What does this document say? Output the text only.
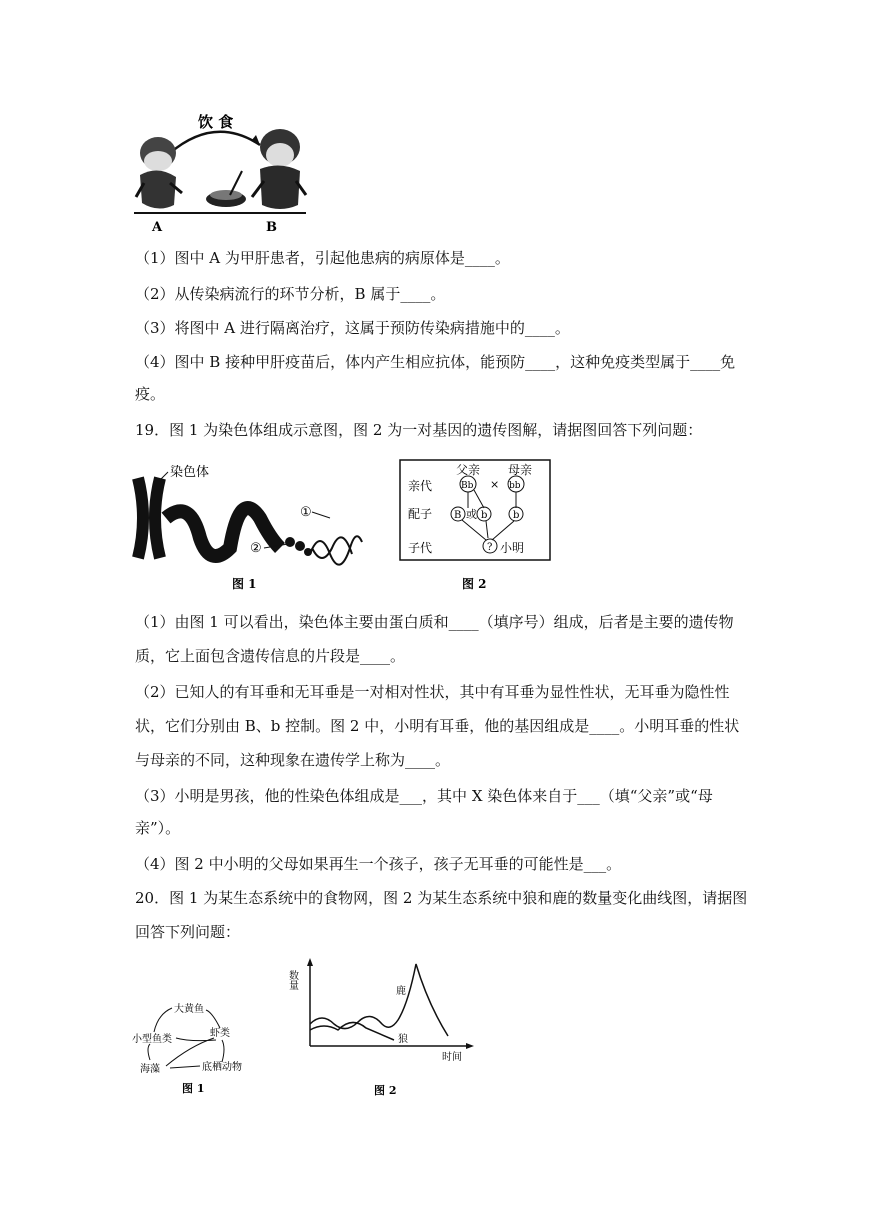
饮 食
A	B
（1）图中 A 为甲肝患者，引起他患病的病原体是____。
（2）从传染病流行的环节分析，B 属于____。
（3）将图中 A 进行隔离治疗，这属于预防传染病措施中的____。
（4）图中 B 接种甲肝疫苗后，体内产生相应抗体，能预防____，这种免疫类型属于____免
疫。
19．图 1 为染色体组成示意图，图 2 为一对基因的遗传图解，请据图回答下列问题：
染色体
①
②
图 1
父亲 母亲
亲代	Bb × bb
配子 B 或 b	b
子代	? 小明
图 2
（1）由图 1 可以看出，染色体主要由蛋白质和____（填序号）组成，后者是主要的遗传物
质，它上面包含遗传信息的片段是____。
（2）已知人的有耳垂和无耳垂是一对相对性状，其中有耳垂为显性性状，无耳垂为隐性性
状，它们分别由 B、b 控制。图 2 中，小明有耳垂，他的基因组成是____。小明耳垂的性状
与母亲的不同，这种现象在遗传学上称为____。
（3）小明是男孩，他的性染色体组成是___，其中 X 染色体来自于___（填“父亲”或“母
亲”）。
（4）图 2 中小明的父母如果再生一个孩子，孩子无耳垂的可能性是___。
20．图 1 为某生态系统中的食物网，图 2 为某生态系统中狼和鹿的数量变化曲线图，请据图
回答下列问题：
大黄鱼
小型鱼类
虾类
海藻	底栖动物
图 1
数量
鹿
狼
时间
图 2
